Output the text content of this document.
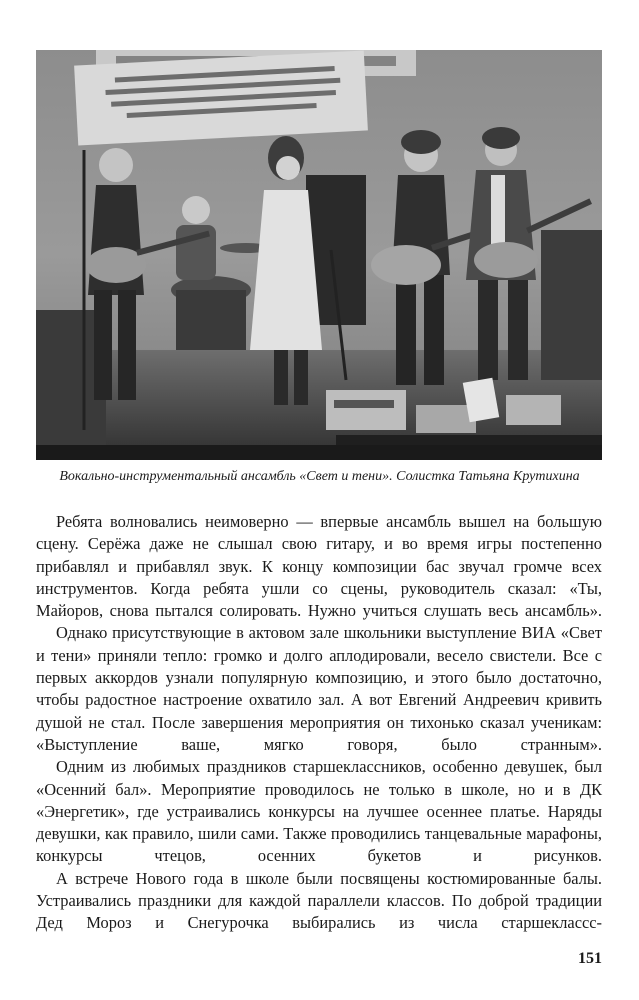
Вокально-инструментальный ансамбль «Свет и тени». Солистка Татьяна Крутихина

Ребята волновались неимоверно — впервые ансамбль вышел на большую сцену. Серёжа даже не слышал свою гитару, и во время игры постепенно прибавлял и прибавлял звук. К концу композиции бас звучал громче всех инструментов. Когда ребята ушли со сцены, руководитель сказал: «Ты, Майоров, снова пытался солировать. Нужно учиться слушать весь ансамбль».

Однако присутствующие в актовом зале школьники выступление ВИА «Свет и тени» приняли тепло: громко и долго аплодировали, весело свистели. Все с первых аккордов узнали популярную композицию, и этого было достаточно, чтобы радостное настроение охватило зал. А вот Евгений Андреевич кривить душой не стал. После завершения мероприятия он тихонько сказал ученикам: «Выступление ваше, мягко говоря, было странным».

Одним из любимых праздников старшеклассников, особенно девушек, был «Осенний бал». Мероприятие проводилось не только в школе, но и в ДК «Энергетик», где устраивались конкурсы на лучшее осеннее платье. Наряды девушки, как правило, шили сами. Также проводились танцевальные марафоны, конкурсы чтецов, осенних букетов и рисунков.

А встрече Нового года в школе были посвящены костюмированные балы. Устраивались праздники для каждой параллели классов. По доброй традиции Дед Мороз и Снегурочка выбирались из числа старшеклассс-

151
